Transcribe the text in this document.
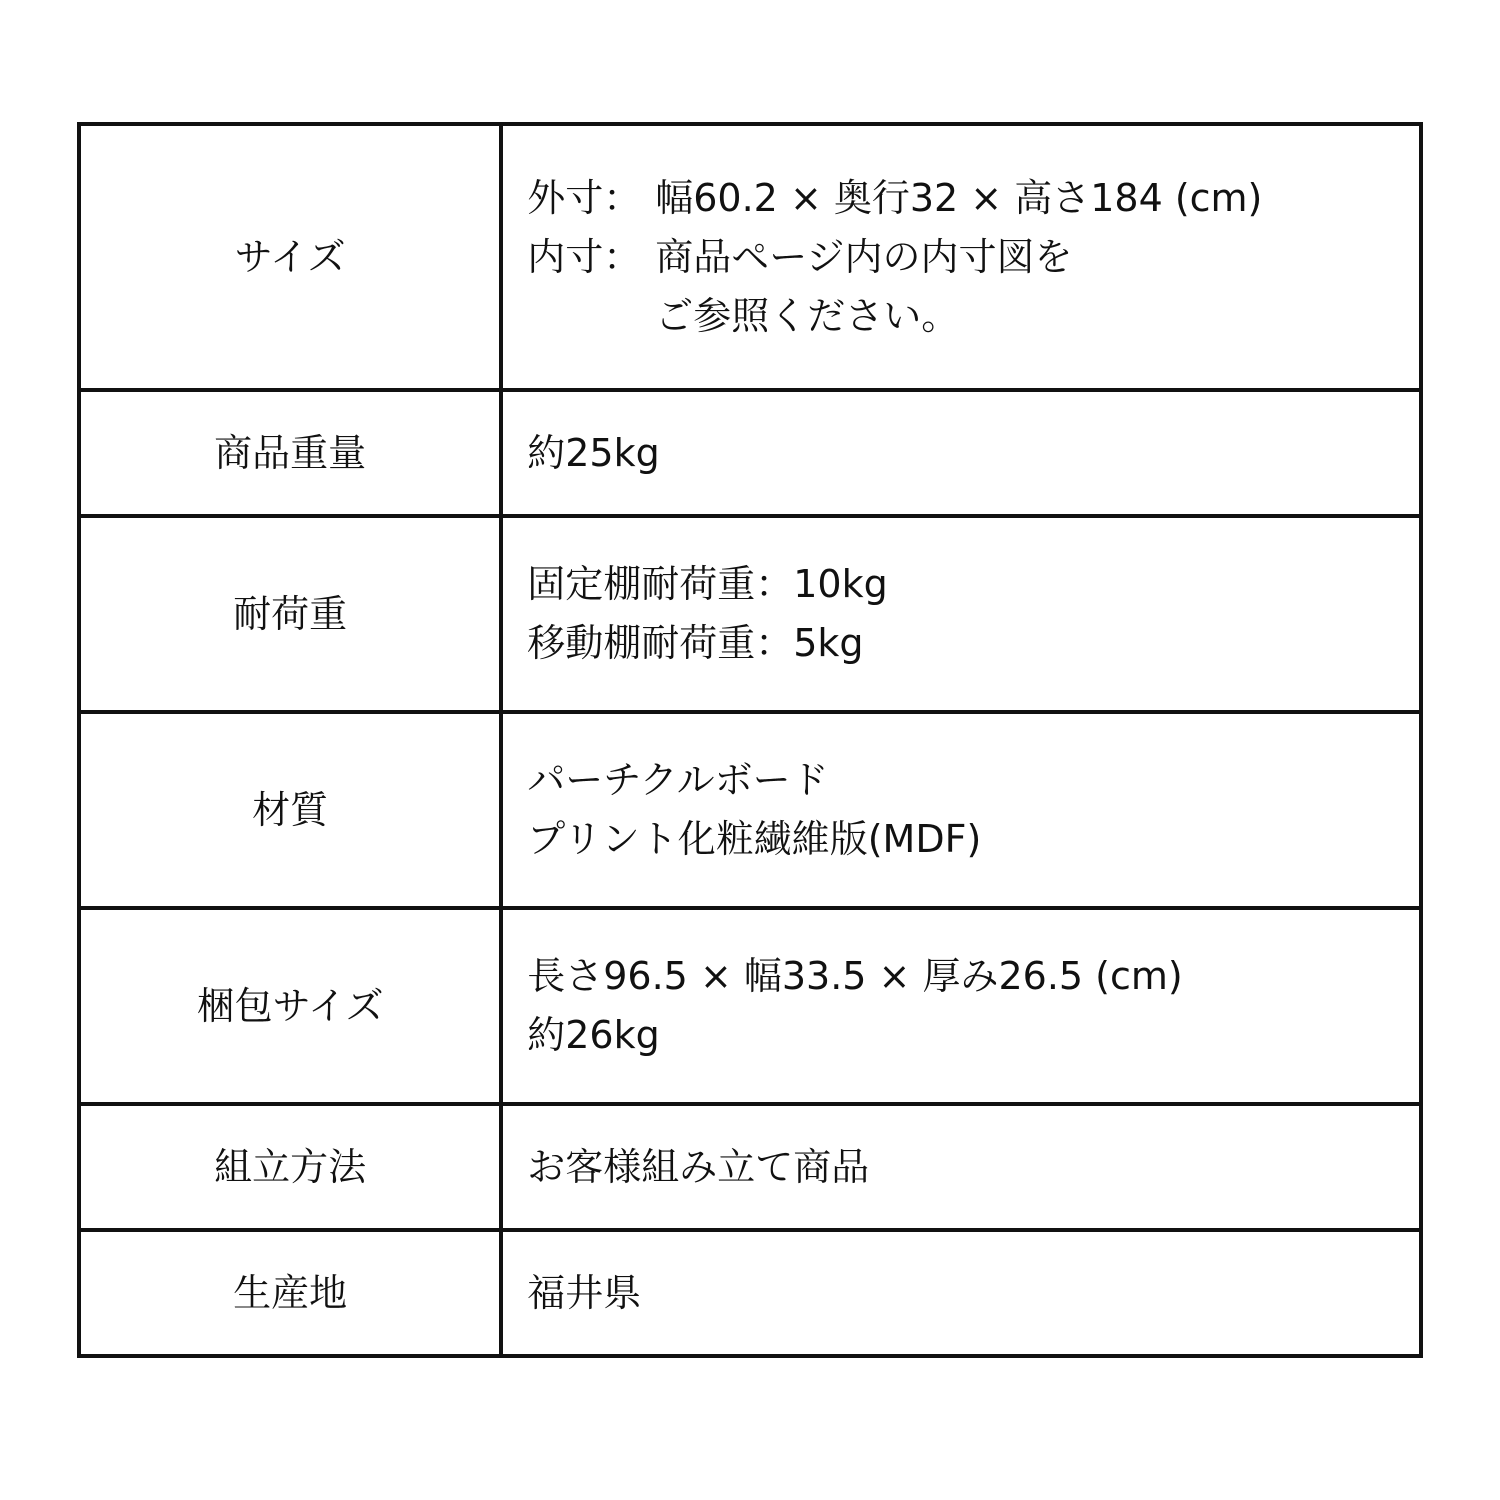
サイズ	外寸： 幅60.2 × 奥行32 × 高さ184 (cm)
内寸： 商品ページ内の内寸図を
ご参照ください。

商品重量	約25kg
耐荷重	固定棚耐荷重：10kg
移動棚耐荷重：5kg

材質	パーチクルボード
プリント化粧繊維版(MDF)

梱包サイズ	長さ96.5 × 幅33.5 × 厚み26.5 (cm)
約26kg

組立方法	お客様組み立て商品
生産地	福井県
